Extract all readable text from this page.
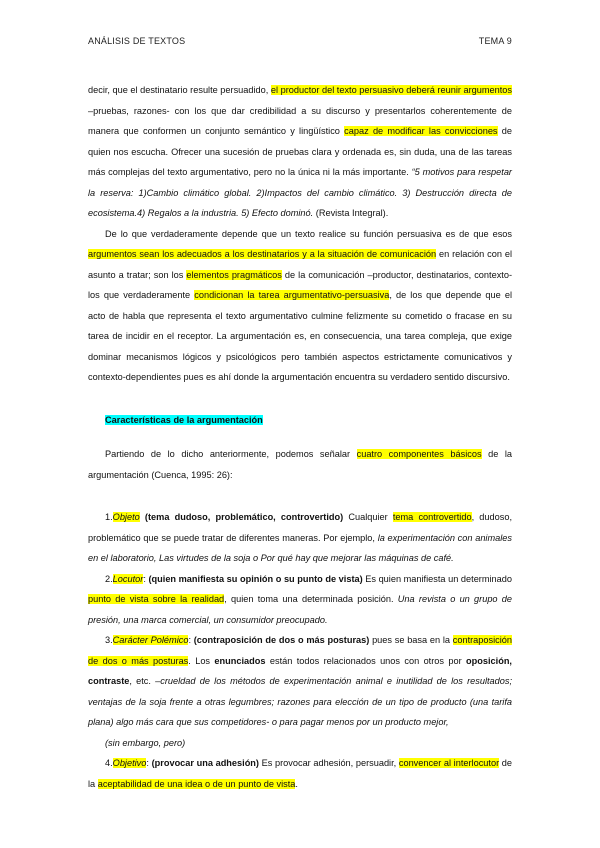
ANÁLISIS DE TEXTOS	TEMA 9

decir, que el destinatario resulte persuadido, el productor del texto persuasivo deberá reunir argumentos –pruebas, razones- con los que dar credibilidad a su discurso y presentarlos coherentemente de manera que conformen un conjunto semántico y lingüístico capaz de modificar las convicciones de quien nos escucha. Ofrecer una sucesión de pruebas clara y ordenada es, sin duda, una de las tareas más complejas del texto argumentativo, pero no la única ni la más importante. “5 motivos para respetar la reserva: 1)Cambio climático global. 2)Impactos del cambio climático. 3) Destrucción directa de ecosistema.4) Regalos a la industria. 5) Efecto dominó. (Revista Integral).

De lo que verdaderamente depende que un texto realice su función persuasiva es de que esos argumentos sean los adecuados a los destinatarios y a la situación de comunicación en relación con el asunto a tratar; son los elementos pragmáticos de la comunicación –productor, destinatarios, contexto- los que verdaderamente condicionan la tarea argumentativo-persuasiva, de los que depende que el acto de habla que representa el texto argumentativo culmine felizmente su cometido o fracase en su tarea de incidir en el receptor. La argumentación es, en consecuencia, una tarea compleja, que exige dominar mecanismos lógicos y psicológicos pero también aspectos estrictamente comunicativos y contexto-dependientes pues es ahí donde la argumentación encuentra su verdadero sentido discursivo.

Características de la argumentación

Partiendo de lo dicho anteriormente, podemos señalar cuatro componentes básicos de la argumentación (Cuenca, 1995: 26):

1.Objeto (tema dudoso, problemático, controvertido) Cualquier tema controvertido, dudoso, problemático que se puede tratar de diferentes maneras. Por ejemplo, la experimentación con animales en el laboratorio, Las virtudes de la soja o Por qué hay que mejorar las máquinas de café.

2.Locutor: (quien manifiesta su opinión o su punto de vista) Es quien manifiesta un determinado punto de vista sobre la realidad, quien toma una determinada posición. Una revista o un grupo de presión, una marca comercial, un consumidor preocupado.

3.Carácter Polémico: (contraposición de dos o más posturas) pues se basa en la contraposición de dos o más posturas. Los enunciados están todos relacionados unos con otros por oposición, contraste, etc. –crueldad de los métodos de experimentación animal e inutilidad de los resultados; ventajas de la soja frente a otras legumbres; razones para elección de un tipo de producto (una tarifa plana) algo más cara que sus competidores- o para pagar menos por un producto mejor,

(sin embargo, pero)

4.Objetivo: (provocar una adhesión) Es provocar adhesión, persuadir, convencer al interlocutor de la aceptabilidad de una idea o de un punto de vista.
